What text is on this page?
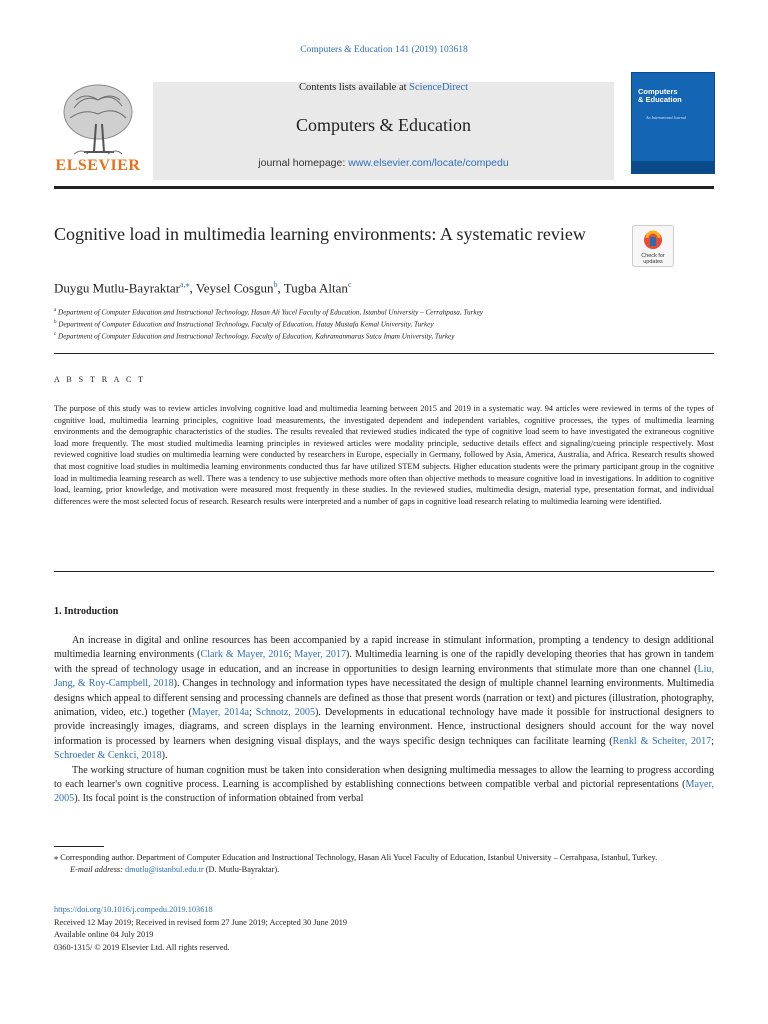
Computers & Education 141 (2019) 103618
ELSEVIER
Contents lists available at ScienceDirect
Computers & Education
journal homepage: www.elsevier.com/locate/compedu
Computers & Education
An International Journal
Cognitive load in multimedia learning environments: A systematic review
Check for updates
Duygu Mutlu-Bayraktar$^{a,⁎}$, Veysel Cosgun$^b$, Tugba Altan$^c$
$^a$ Department of Computer Education and Instructional Technology, Hasan Ali Yucel Faculty of Education, Istanbul University – Cerrahpasa, Turkey
$^b$ Department of Computer Education and Instructional Technology, Faculty of Education, Hatay Mustafa Kemal University, Turkey
$^c$ Department of Computer Education and Instructional Technology, Faculty of Education, Kahramanmaras Sutcu Imam University, Turkey
A B S T R A C T
The purpose of this study was to review articles involving cognitive load and multimedia learning between 2015 and 2019 in a systematic way. 94 articles were reviewed in terms of the types of cognitive load, multimedia learning principles, cognitive load measurements, the investigated dependent and independent variables, cognitive processes, the types of multimedia learning environments and the demographic characteristics of the studies. The results revealed that reviewed studies indicated the type of cognitive load seem to have investigated the extraneous cognitive load more frequently. The most studied multimedia learning principles in reviewed articles were modality principle, seductive details effect and signaling/cueing principle respectively. Most reviewed cognitive load studies on multimedia learning were conducted by researchers in Europe, especially in Germany, followed by Asia, America, Australia, and Africa. Research results showed that most cognitive load studies in multimedia learning environments conducted thus far have utilized STEM subjects. Higher education students were the primary participant group in the cognitive load in multimedia learning research as well. There was a tendency to use subjective methods more often than objective methods to measure cognitive load in investigations. In addition to cognitive load, learning, prior knowledge, and motivation were measured most frequently in these studies. In the reviewed studies, multimedia design, material type, presentation format, and individual differences were the most selected focus of research. Research results were interpreted and a number of gaps in cognitive load research relating to multimedia learning were identified.
1. Introduction

An increase in digital and online resources has been accompanied by a rapid increase in stimulant information, prompting a tendency to design additional multimedia learning environments (Clark & Mayer, 2016; Mayer, 2017). Multimedia learning is one of the rapidly developing theories that has grown in tandem with the spread of technology usage in education, and an increase in opportunities to design learning environments that stimulate more than one channel (Liu, Jang, & Roy-Campbell, 2018). Changes in technology and information types have necessitated the design of multiple channel learning environments. Multimedia designs which appeal to different sensing and processing channels are defined as those that present words (narration or text) and pictures (illustration, photography, animation, video, etc.) together (Mayer, 2014a; Schnotz, 2005). Developments in educational technology have made it possible for instructional designers to provide increasingly images, diagrams, and screen displays in the learning environment. Hence, instructional designers should account for the way novel information is processed by learners when designing visual displays, and the ways specific design techniques can facilitate learning (Renkl & Scheiter, 2017; Schroeder & Cenkci, 2018).

The working structure of human cognition must be taken into consideration when designing multimedia messages to allow the learning to progress according to each learner's own cognitive process. Learning is accomplished by establishing connections between compatible verbal and pictorial representations (Mayer, 2005). Its focal point is the construction of information obtained from verbal

⁎ Corresponding author. Department of Computer Education and Instructional Technology, Hasan Ali Yucel Faculty of Education, Istanbul University – Cerrahpasa, Istanbul, Turkey.
E-mail address: dmutlu@istanbul.edu.tr (D. Mutlu-Bayraktar).
https://doi.org/10.1016/j.compedu.2019.103618
Received 12 May 2019; Received in revised form 27 June 2019; Accepted 30 June 2019
Available online 04 July 2019
0360-1315/ © 2019 Elsevier Ltd. All rights reserved.
